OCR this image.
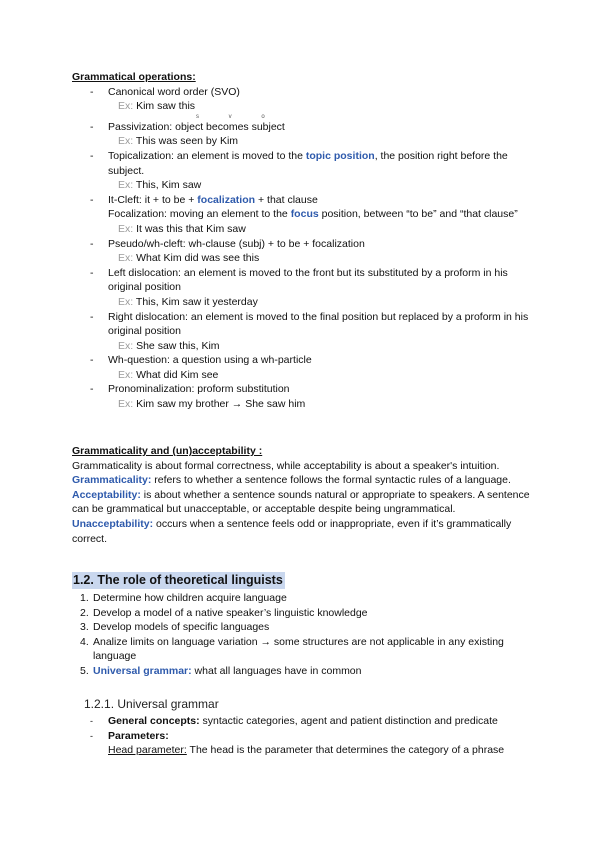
Grammatical operations:
- Canonical word order (SVO)
Ex: Kim saw this
s v o
- Passivization: object becomes subject
Ex: This was seen by Kim
- Topicalization: an element is moved to the topic position, the position right before the subject.
Ex: This, Kim saw
- It-Cleft: it + to be + focalization + that clause
Focalization: moving an element to the focus position, between “to be” and “that clause”
Ex: It was this that Kim saw
- Pseudo/wh-cleft: wh-clause (subj) + to be + focalization
Ex: What Kim did was see this
- Left dislocation: an element is moved to the front but its substituted by a proform in his original position
Ex: This, Kim saw it yesterday
- Right dislocation: an element is moved to the final position but replaced by a proform in his original position
Ex: She saw this, Kim
- Wh-question: a question using a wh-particle
Ex: What did Kim see
- Pronominalization: proform substitution
Ex: Kim saw my brother → She saw him
Grammaticality and (un)acceptability :
Grammaticality is about formal correctness, while acceptability is about a speaker's intuition.
Grammaticality: refers to whether a sentence follows the formal syntactic rules of a language.
Acceptability: is about whether a sentence sounds natural or appropriate to speakers. A sentence can be grammatical but unacceptable, or acceptable despite being ungrammatical.
Unacceptability: occurs when a sentence feels odd or inappropriate, even if it’s grammatically correct.
1.2. The role of theoretical linguists
1. Determine how children acquire language
2. Develop a model of a native speaker’s linguistic knowledge
3. Develop models of specific languages
4. Analize limits on language variation → some structures are not applicable in any existing language
5. Universal grammar: what all languages have in common
1.2.1. Universal grammar
- General concepts: syntactic categories, agent and patient distinction and predicate
- Parameters:
Head parameter: The head is the parameter that determines the category of a phrase
